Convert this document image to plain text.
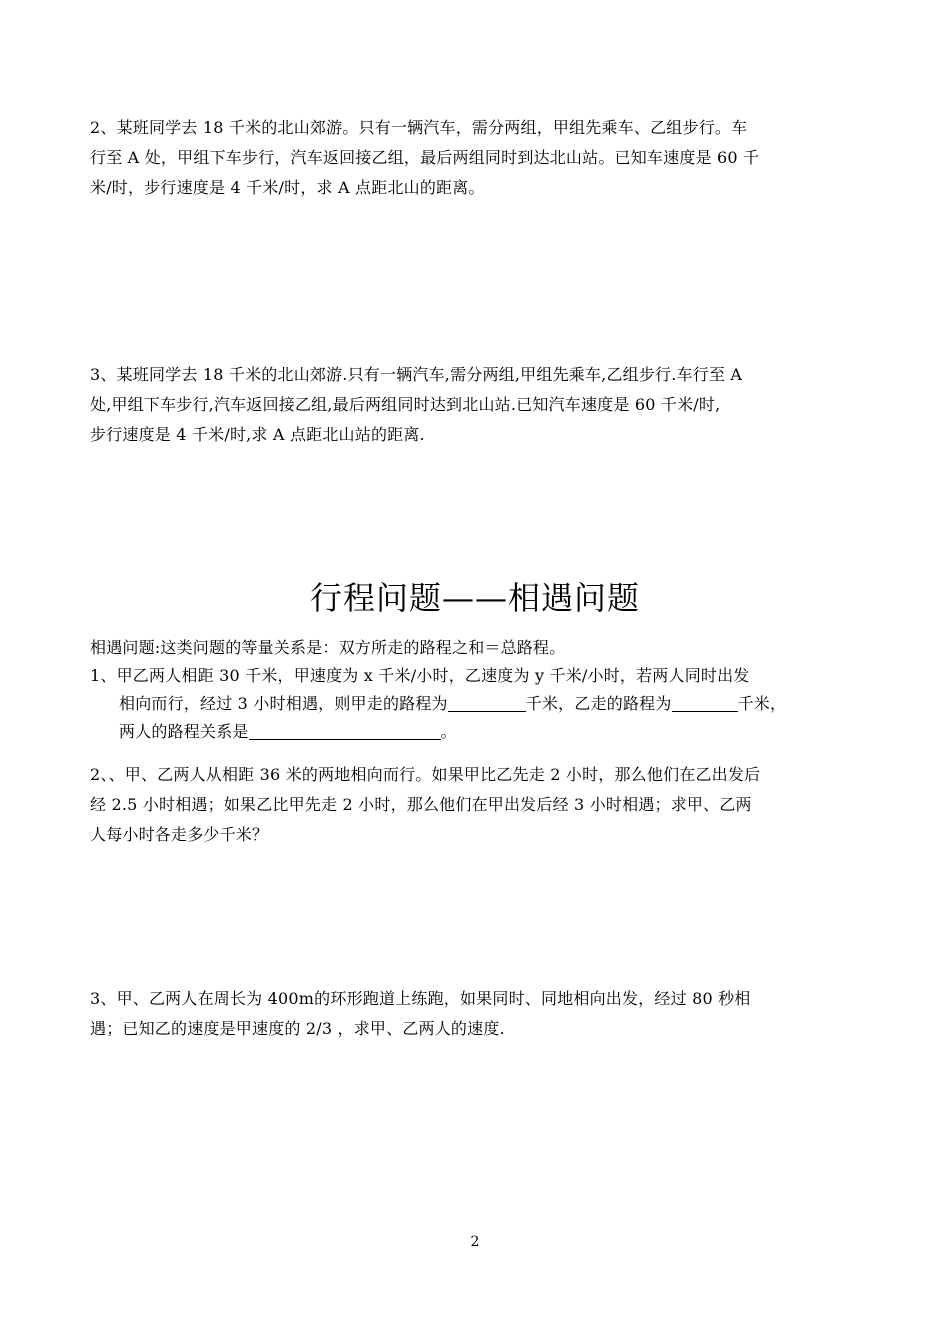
2、某班同学去 18 千米的北山郊游。只有一辆汽车，需分两组，甲组先乘车、乙组步行。车
行至 A 处，甲组下车步行，汽车返回接乙组，最后两组同时到达北山站。已知车速度是 60 千
米/时，步行速度是 4 千米/时，求 A 点距北山的距离。
3、某班同学去 18 千米的北山郊游.只有一辆汽车,需分两组,甲组先乘车,乙组步行.车行至 A
处,甲组下车步行,汽车返回接乙组,最后两组同时达到北山站.已知汽车速度是 60 千米/时,
步行速度是 4 千米/时,求 A 点距北山站的距离.
行程问题——相遇问题
相遇问题:这类问题的等量关系是：双方所走的路程之和＝总路程。
1、甲乙两人相距 30 千米，甲速度为 x 千米/小时，乙速度为 y 千米/小时，若两人同时出发
相向而行，经过 3 小时相遇，则甲走的路程为	千米，乙走的路程为	千米，
两人的路程关系是	。
2、、甲、乙两人从相距 36 米的两地相向而行。如果甲比乙先走 2 小时，那么他们在乙出发后
经 2.5 小时相遇；如果乙比甲先走 2 小时，那么他们在甲出发后经 3 小时相遇；求甲、乙两
人每小时各走多少千米？
3、甲、乙两人在周长为 400m的环形跑道上练跑，如果同时、同地相向出发，经过 80 秒相
遇；已知乙的速度是甲速度的 2/3 ，求甲、乙两人的速度.
2
